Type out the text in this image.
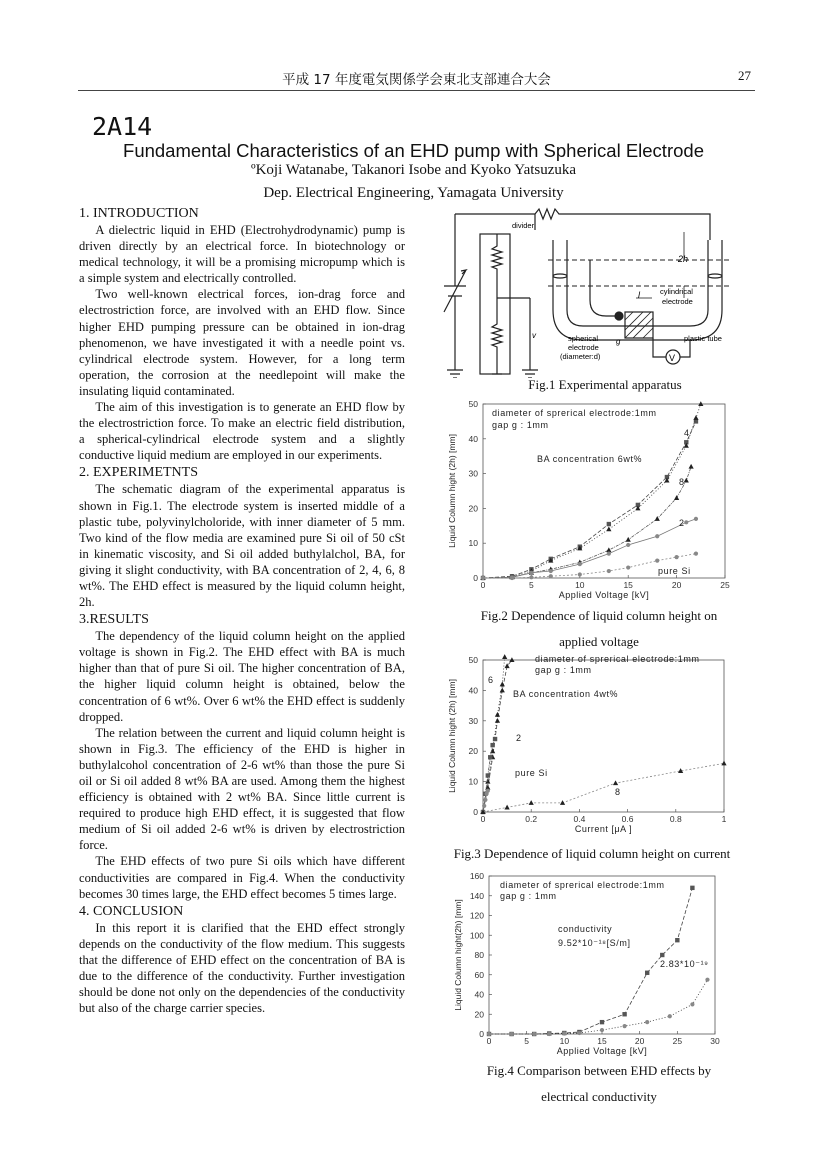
平成 17 年度電気関係学会東北支部連合大会	27
2A14
Fundamental Characteristics of an EHD pump with Spherical Electrode
ºKoji Watanabe, Takanori Isobe and Kyoko Yatsuzuka
Dep. Electrical Engineering, Yamagata University
1. INTRODUCTION

A dielectric liquid in EHD (Electrohydrodynamic) pump is driven directly by an electrical force. In biotechnology or medical technology, it will be a promising micropump which is a simple system and electrically controlled.

Two well-known electrical forces, ion-drag force and electrostriction force, are involved with an EHD flow. Since higher EHD pumping pressure can be obtained in ion-drag phenomenon, we have investigated it with a needle point vs. cylindrical electrode system. However, for a long term operation, the corrosion at the needlepoint will make the insulating liquid contaminated.

The aim of this investigation is to generate an EHD flow by the electrostriction force. To make an electric field distribution, a spherical-cylindrical electrode system and a slightly conductive liquid medium are employed in our experiments.

2. EXPERIMETNTS

The schematic diagram of the experimental apparatus is shown in Fig.1. The electrode system is inserted middle of a plastic tube, polyvinylcholoride, with inner diameter of 5 mm. Two kind of the flow media are examined pure Si oil of 50 cSt in kinematic viscosity, and Si oil added buthylalchol, BA, for giving it slight conductivity, with BA concentration of 2, 4, 6, 8 wt%. The EHD effect is measured by the liquid column height, 2h.

3.RESULTS

The dependency of the liquid column height on the applied voltage is shown in Fig.2. The EHD effect with BA is much higher than that of pure Si oil. The higher concentration of BA, the higher liquid column height is obtained, below the concentration of 6 wt%. Over 6 wt% the EHD effect is suddenly dropped.

The relation between the current and liquid column height is shown in Fig.3. The efficiency of the EHD is higher in buthylalcohol concentration of 2-6 wt% than those the pure Si oil or Si oil added 8 wt% BA are used. Among them the highest efficiency is obtained with 2 wt% BA. Since little current is required to produce high EHD effect, it is suggested that flow medium of Si oil added 2-6 wt% is driven by electrostriction force.

The EHD effects of two pure Si oils which have different conductivities are compared in Fig.4. When the conductivity becomes 30 times large, the EHD effect becomes 5 times large.

4. CONCLUSION

In this report it is clarified that the EHD effect strongly depends on the conductivity of the flow medium. This suggests that the difference of EHD effect on the concentration of BA is due to the difference of the conductivity. Further investigation should be done not only on the dependencies of the conductivity but also of the charge carrier species.

divider
2h
l	cylindrical
electrode
spherical
electrode
(diameter:d)
g	plastic tube
v
V
Fig.1 Experimental apparatus
0	5	10	15	20	25
0
10
20
30
40
50
Applied Voltage [kV]
Liquid Column hight (2h) [mm]
diameter of sprerical electrode:1mm
gap g : 1mm
BA concentration 6wt%
4
8
2
pure Si
Fig.2 Dependence of liquid column height on applied voltage
0	0.2	0.4	0.6	0.8	1
0
10
20
30
40
50
Current [μA ]
Liquid Column hight (2h) [mm]
diameter of sprerical electrode:1mm
gap g : 1mm
BA concentration 4wt%
6
2
pure Si
8
Fig.3 Dependence of liquid column height on current
0	5	10	15	20	25	30
0
20
40
60
80
100
120
140
160
Applied Voltage [kV]
Liquid Column hight(2h) [mm]
diameter of sprerical electrode:1mm
gap g : 1mm
conductivity
9.52*10⁻¹⁸[S/m]
2.83*10⁻¹⁹
Fig.4 Comparison between EHD effects by electrical conductivity
